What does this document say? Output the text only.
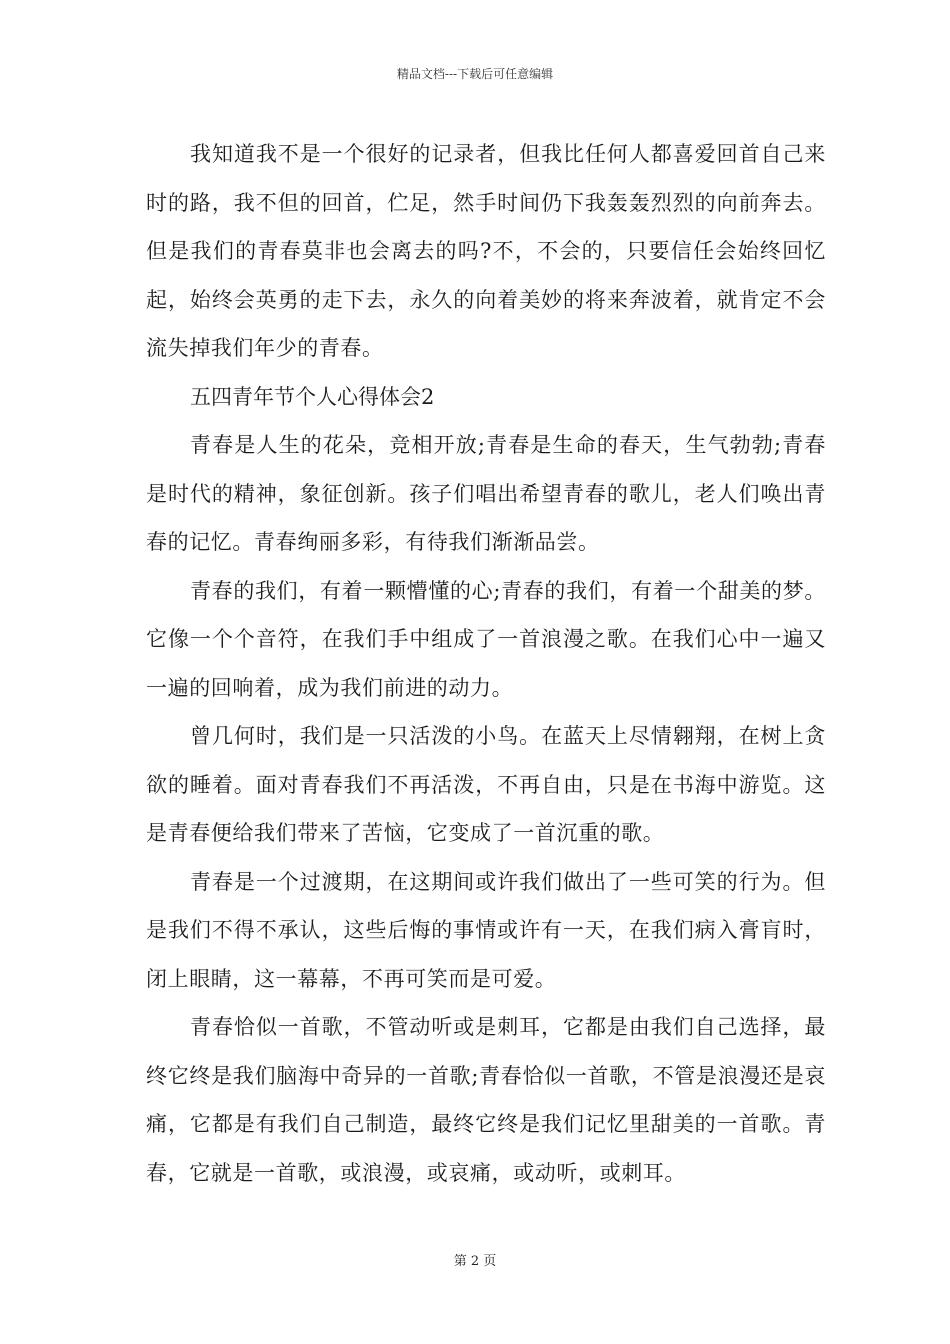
精品文档---下载后可任意编辑

我知道我不是一个很好的记录者，但我比任何人都喜爱回首自己来时的路，我不但的回首，伫足，然手时间仍下我轰轰烈烈的向前奔去。但是我们的青春莫非也会离去的吗?不，不会的，只要信任会始终回忆起，始终会英勇的走下去，永久的向着美妙的将来奔波着，就肯定不会流失掉我们年少的青春。

五四青年节个人心得体会2

青春是人生的花朵，竞相开放;青春是生命的春天，生气勃勃;青春是时代的精神，象征创新。孩子们唱出希望青春的歌儿，老人们唤出青春的记忆。青春绚丽多彩，有待我们渐渐品尝。

青春的我们，有着一颗懵懂的心;青春的我们，有着一个甜美的梦。它像一个个音符，在我们手中组成了一首浪漫之歌。在我们心中一遍又一遍的回响着，成为我们前进的动力。

曾几何时，我们是一只活泼的小鸟。在蓝天上尽情翱翔，在树上贪欲的睡着。面对青春我们不再活泼，不再自由，只是在书海中游览。这是青春便给我们带来了苦恼，它变成了一首沉重的歌。

青春是一个过渡期，在这期间或许我们做出了一些可笑的行为。但是我们不得不承认，这些后悔的事情或许有一天，在我们病入膏肓时，闭上眼睛，这一幕幕，不再可笑而是可爱。

青春恰似一首歌，不管动听或是刺耳，它都是由我们自己选择，最终它终是我们脑海中奇异的一首歌;青春恰似一首歌，不管是浪漫还是哀痛，它都是有我们自己制造，最终它终是我们记忆里甜美的一首歌。青春，它就是一首歌，或浪漫，或哀痛，或动听，或刺耳。

第 2 页
